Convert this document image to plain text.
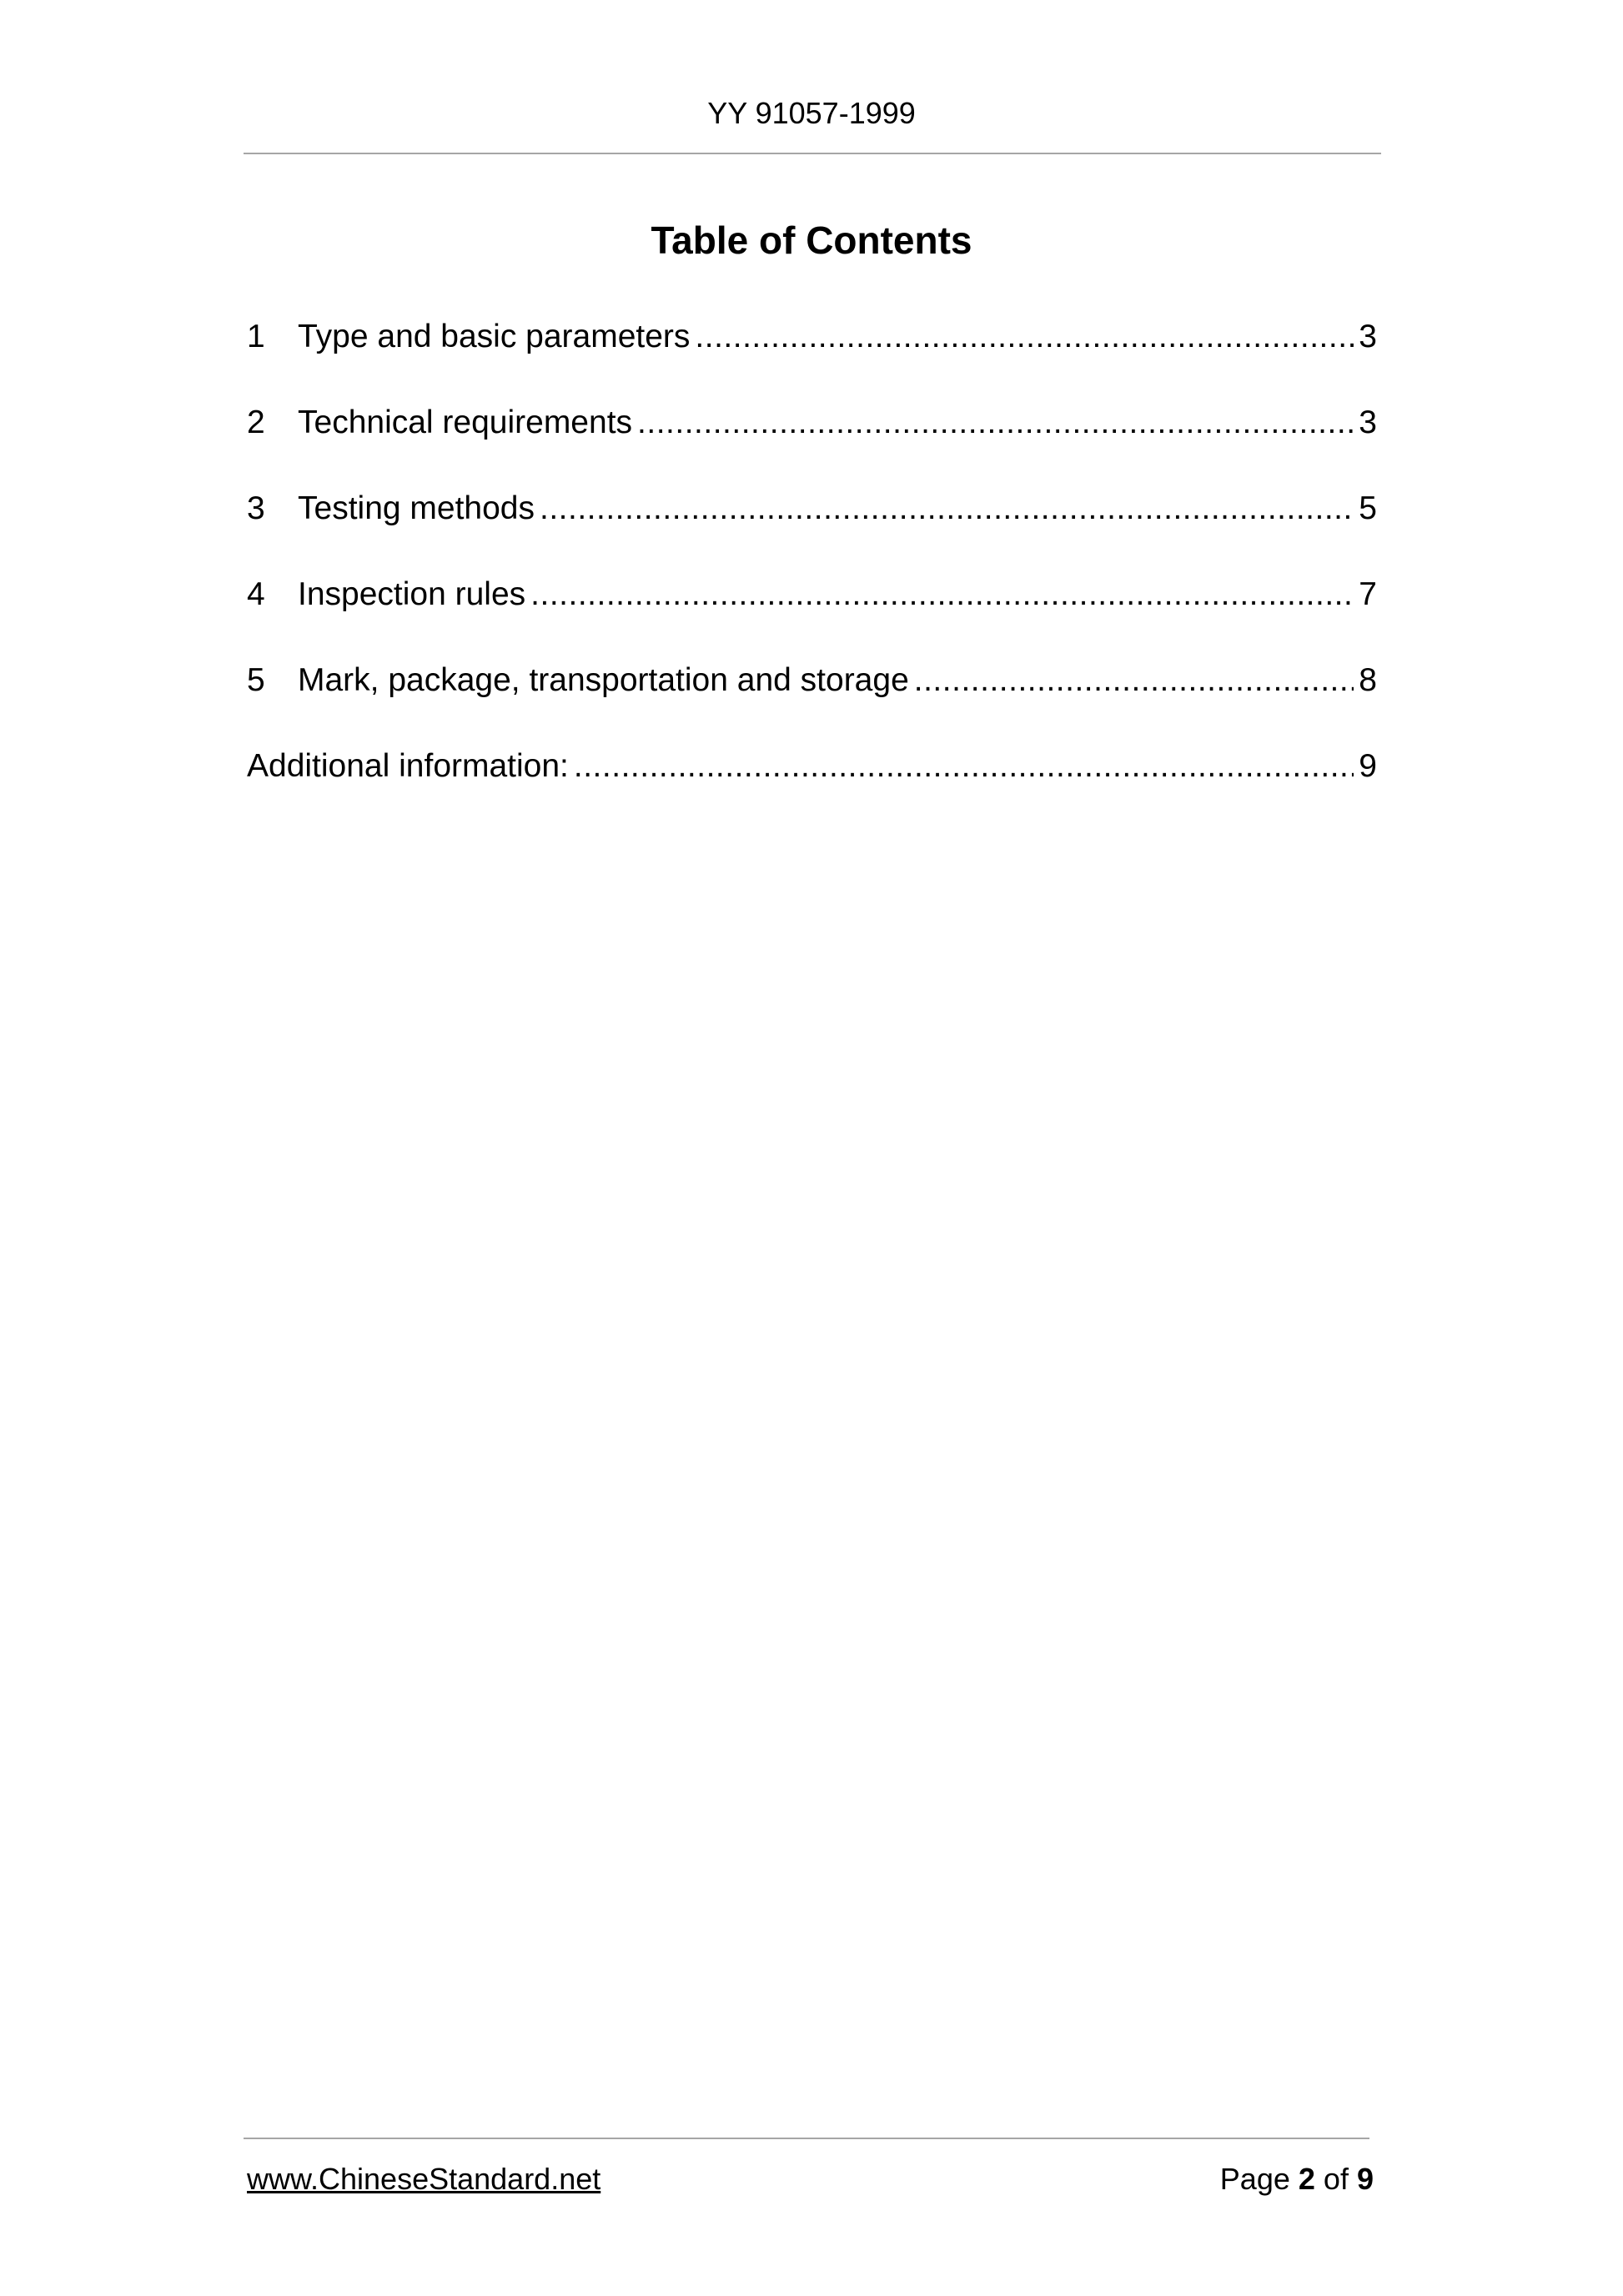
YY 91057-1999
Table of Contents
1	Type and basic parameters .....	3
2	Technical requirements .....	3
3	Testing methods .....	5
4	Inspection rules .....	7
5	Mark, package, transportation and storage .....	8
Additional information: .....	9
www.ChineseStandard.net	Page 2 of 9
